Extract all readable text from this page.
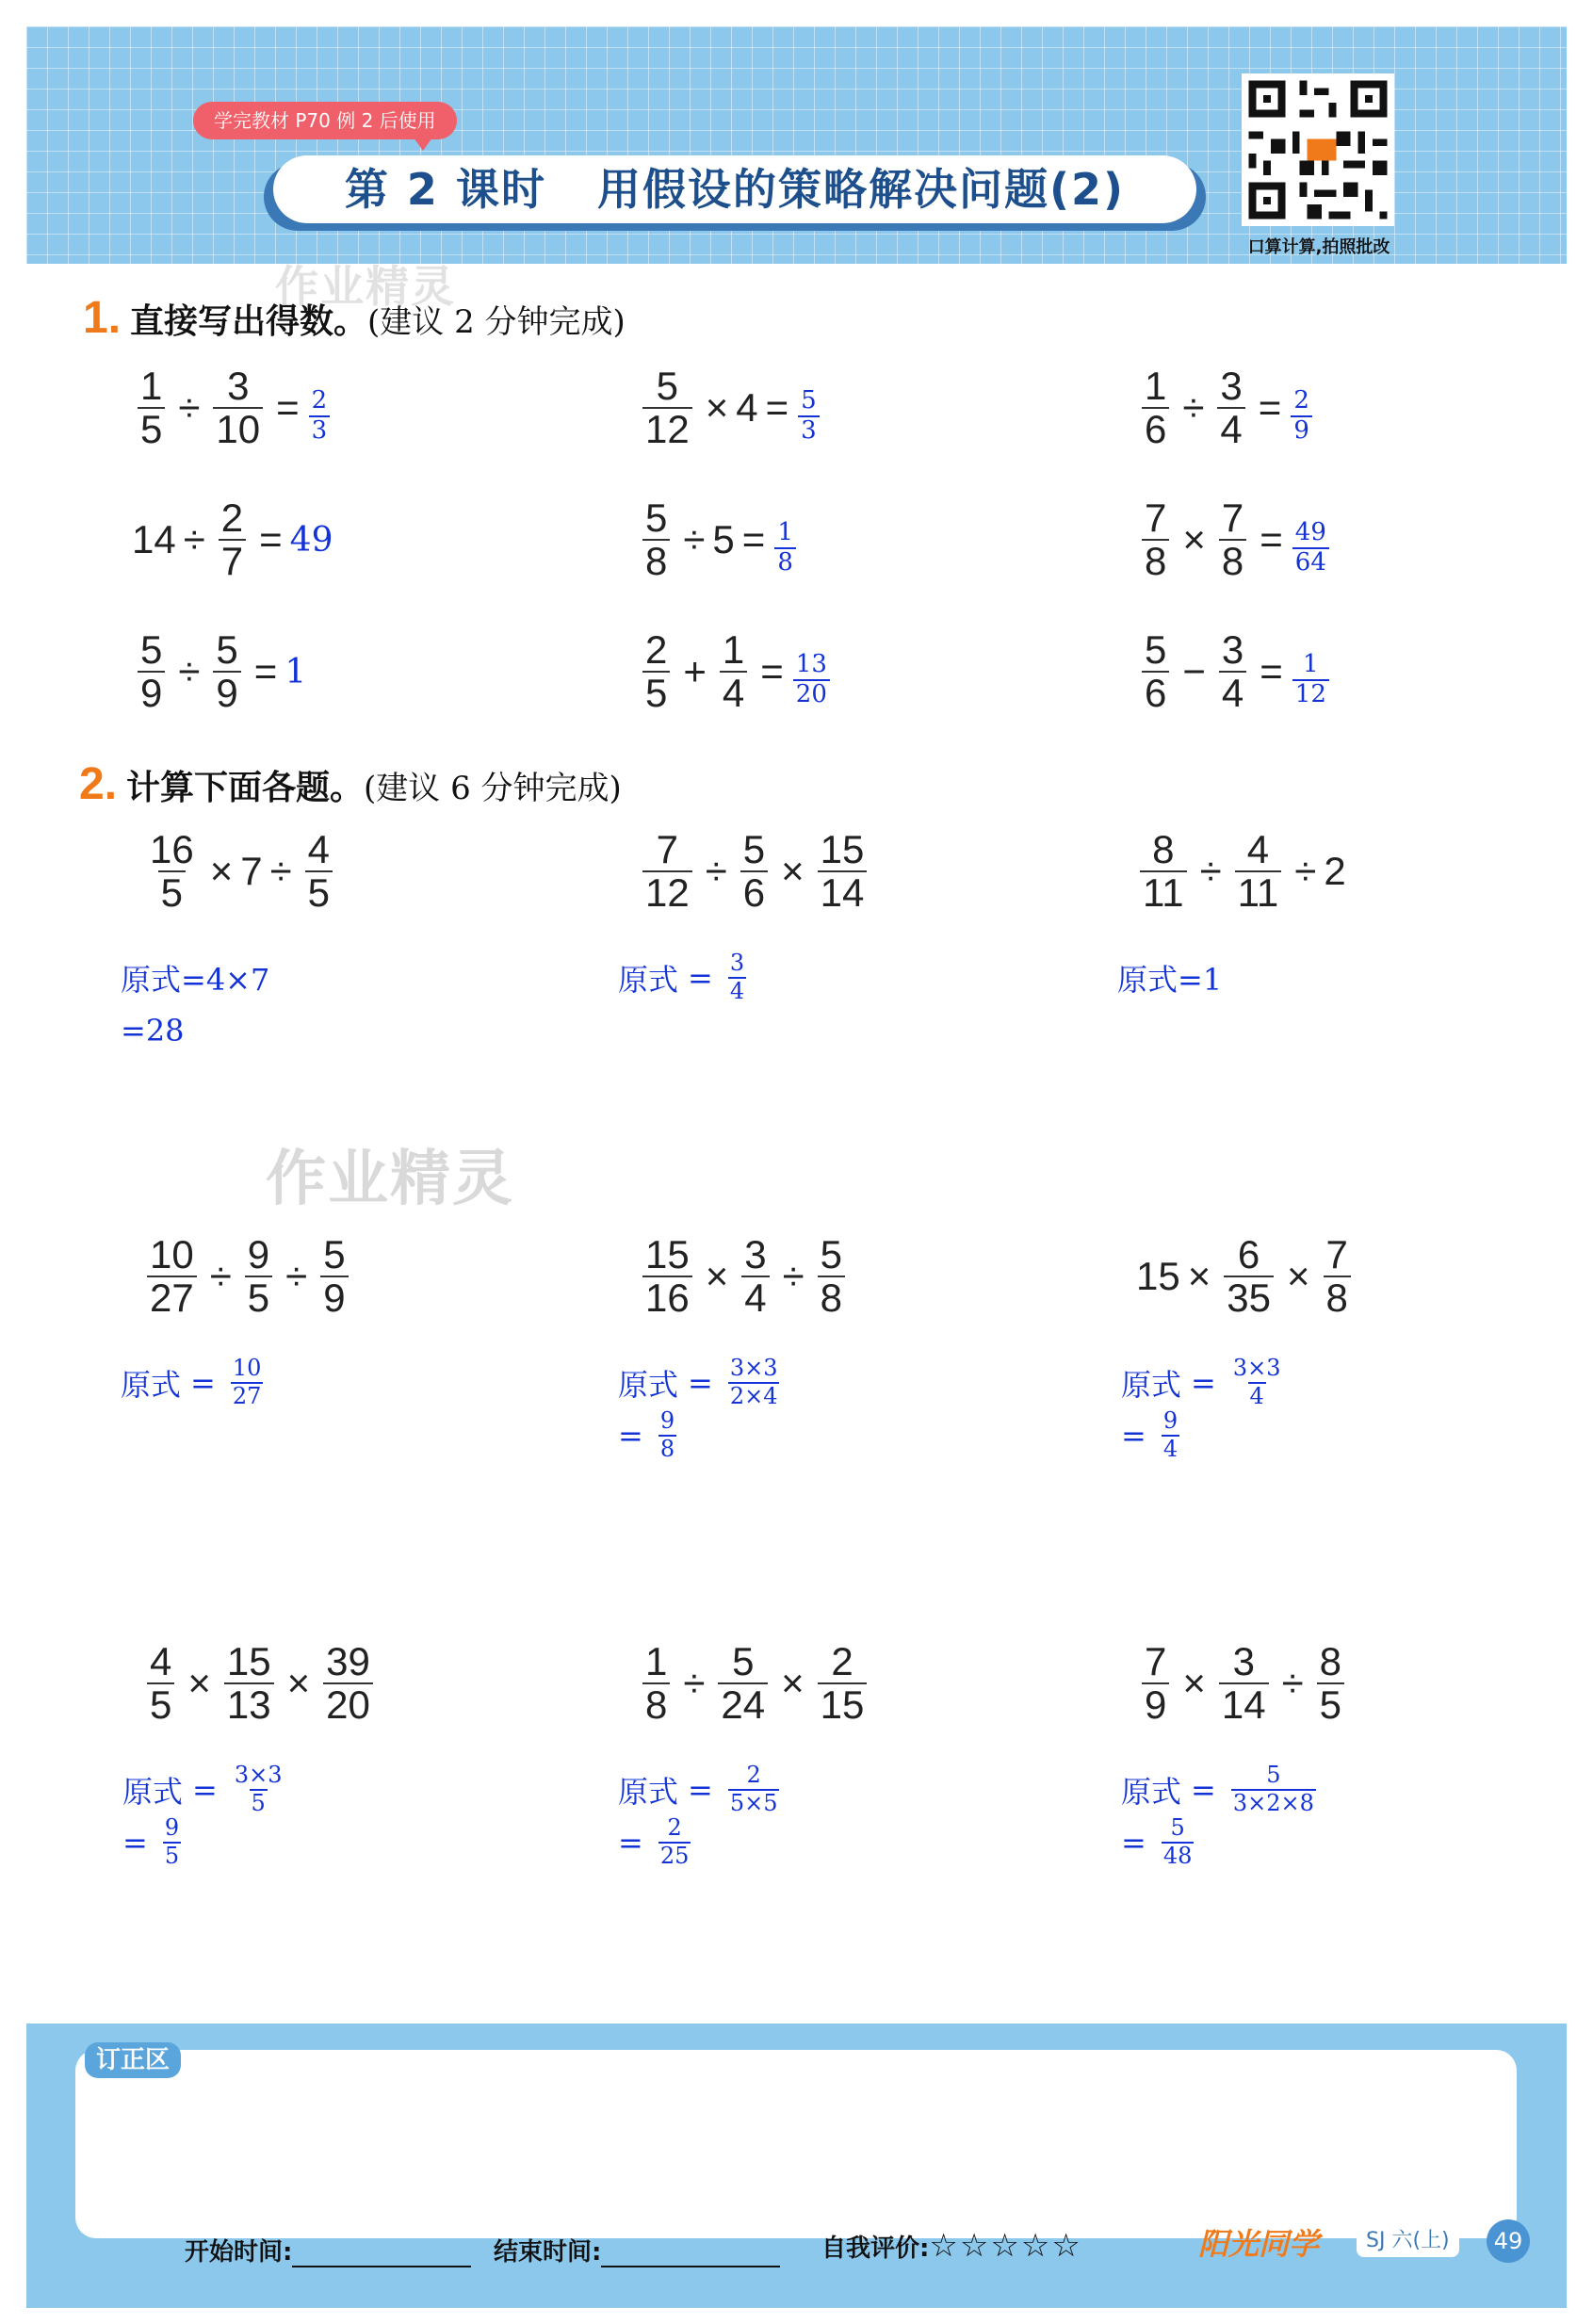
学完教材 P70 例 2 后使用
第 2 课时 用假设的策略解决问题(2)
口算计算,拍照批改
1. 直接写出得数。(建议 2 分钟完成)
$\frac{1}{5} \div \frac{3}{10} = \frac{2}{3}$	$\frac{5}{12} \times 4 = \frac{5}{3}$	$\frac{1}{6} \div \frac{3}{4} = \frac{2}{9}$
$14 \div \frac{2}{7} = 49$	$\frac{5}{8} \div 5 = \frac{1}{8}$	$\frac{7}{8} \times \frac{7}{8} = \frac{49}{64}$
$\frac{5}{9} \div \frac{5}{9} = 1$	$\frac{2}{5} + \frac{1}{4} = \frac{13}{20}$	$\frac{5}{6} - \frac{3}{4} = \frac{1}{12}$
2. 计算下面各题。(建议 6 分钟完成)
$\frac{16}{5} \times 7 \div \frac{4}{5}$
原式=4×7
=28
$\frac{7}{12} \div \frac{5}{6} \times \frac{15}{14}$
原式 = $\frac{3}{4}$
$\frac{8}{11} \div \frac{4}{11} \div 2$
原式=1
作业精灵
作业精灵
$\frac{10}{27} \div \frac{9}{5} \div \frac{5}{9}$
原式 = $\frac{10}{27}$
$\frac{15}{16} \times \frac{3}{4} \div \frac{5}{8}$
原式 = $\frac{3\times 3}{2\times 4}$
= $\frac{9}{8}$
$15 \times \frac{6}{35} \times \frac{7}{8}$
原式 = $\frac{3\times 3}{4}$
= $\frac{9}{4}$
$\frac{4}{5} \times \frac{15}{13} \times \frac{39}{20}$
原式 = $\frac{3\times 3}{5}$
= $\frac{9}{5}$
$\frac{1}{8} \div \frac{5}{24} \times \frac{2}{15}$
原式 = $\frac{2}{5\times 5}$
= $\frac{2}{25}$
$\frac{7}{9} \times \frac{3}{14} \div \frac{8}{5}$
原式 = $\frac{5}{3\times 2\times 8}$
= $\frac{5}{48}$
订正区
开始时间:	结束时间:	自我评价:☆☆☆☆☆	阳光同学	SJ 六(上)	49
